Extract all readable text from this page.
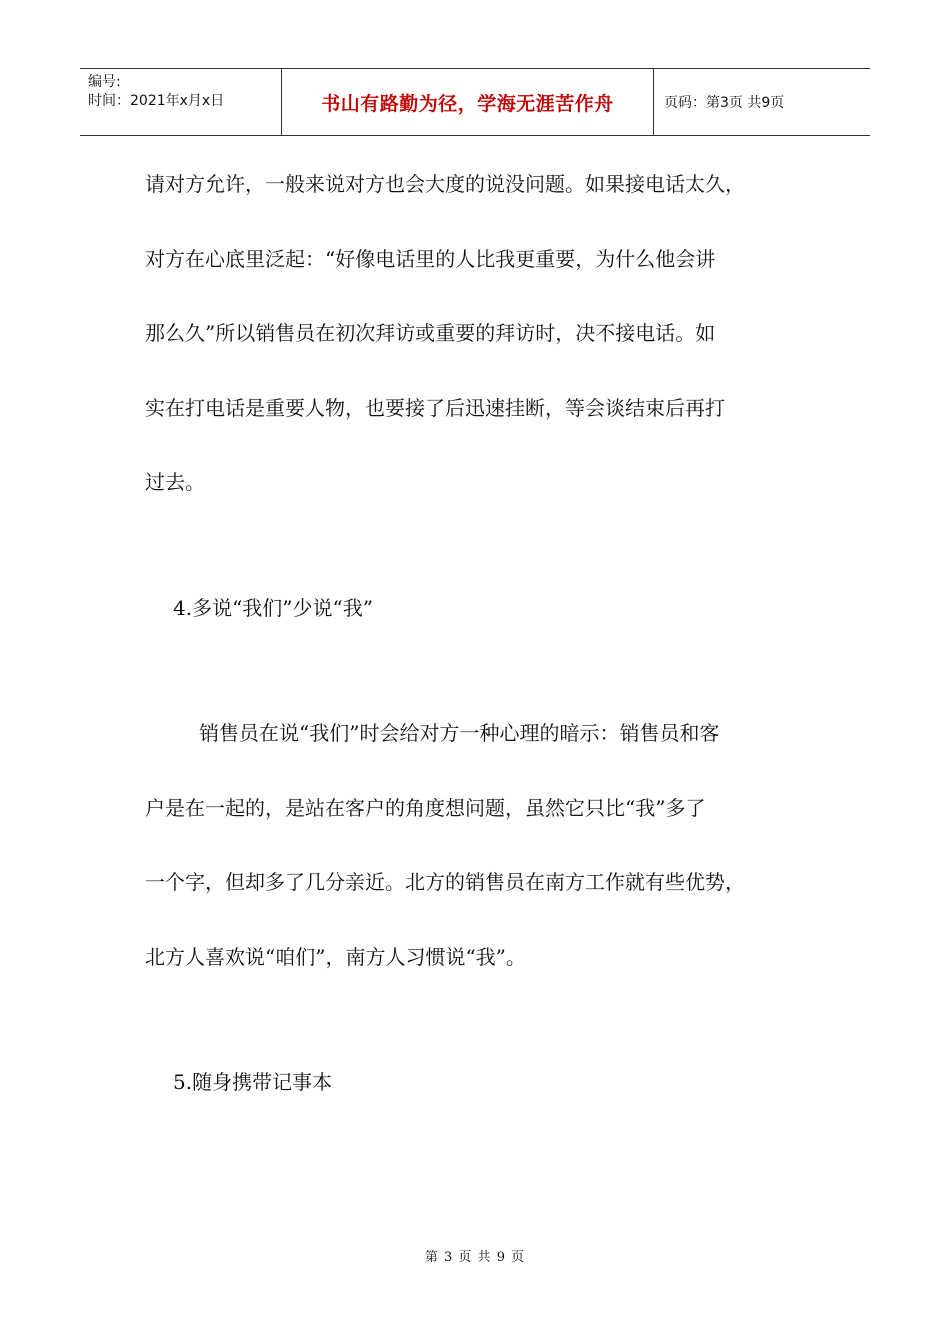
编号:
时间：2021年x月x日	书山有路勤为径，学海无涯苦作舟	页码：第3页 共9页
请对方允许，一般来说对方也会大度的说没问题。如果接电话太久，
对方在心底里泛起：“好像电话里的人比我更重要，为什么他会讲
那么久”所以销售员在初次拜访或重要的拜访时，决不接电话。如
实在打电话是重要人物，也要接了后迅速挂断，等会谈结束后再打
过去。
4.多说“我们”少说“我”
销售员在说“我们”时会给对方一种心理的暗示：销售员和客
户是在一起的，是站在客户的角度想问题，虽然它只比“我”多了
一个字，但却多了几分亲近。北方的销售员在南方工作就有些优势，
北方人喜欢说“咱们”，南方人习惯说“我”。
5.随身携带记事本
第 3 页 共 9 页
